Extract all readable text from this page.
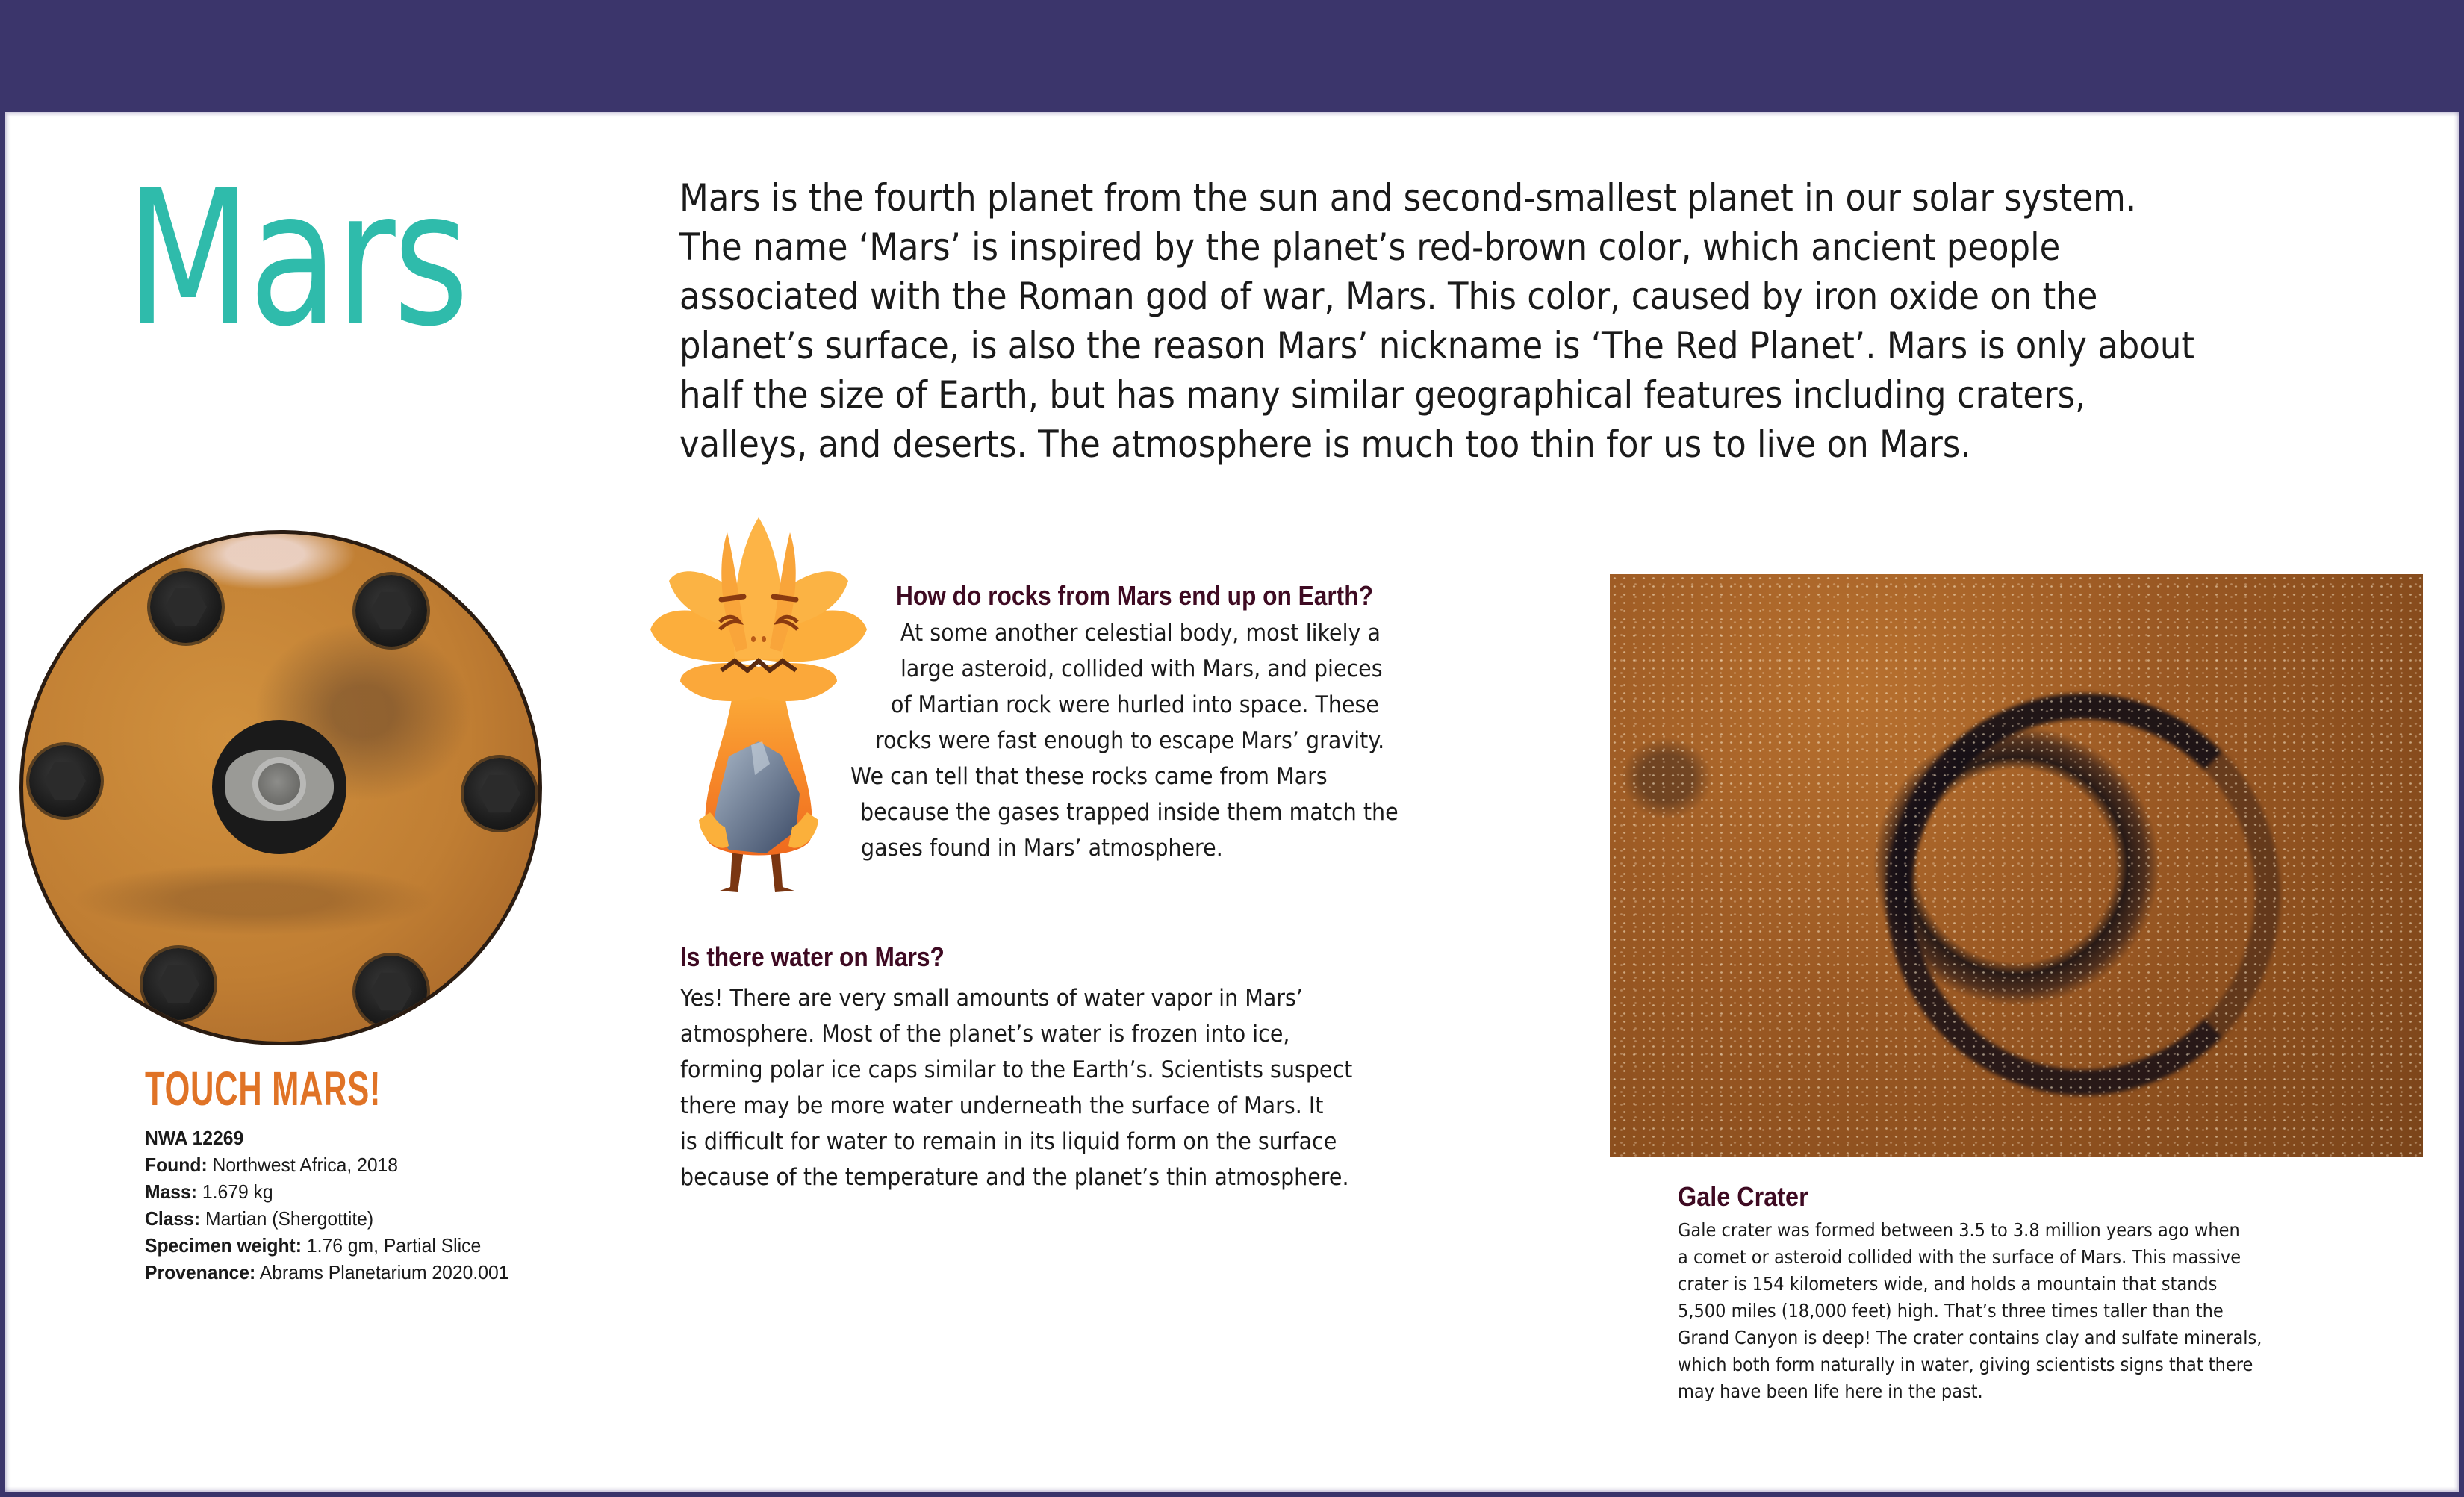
Mars	Mars is the fourth planet from the sun and second-smallest planet in our solar system.
The name ‘Mars’ is inspired by the planet’s red-brown color, which ancient people
associated with the Roman god of war, Mars. This color, caused by iron oxide on the
planet’s surface, is also the reason Mars’ nickname is ‘The Red Planet’. Mars is only about
half the size of Earth, but has many similar geographical features including craters,
valleys, and deserts. The atmosphere is much too thin for us to live on Mars.
TOUCH MARS!
NWA 12269
Found: Northwest Africa, 2018
Mass: 1.679 kg
Class: Martian (Shergottite)
Specimen weight: 1.76 gm, Partial Slice
Provenance: Abrams Planetarium 2020.001
How do rocks from Mars end up on Earth?
At some another celestial body, most likely a
large asteroid, collided with Mars, and pieces
of Martian rock were hurled into space. These
rocks were fast enough to escape Mars’ gravity.
We can tell that these rocks came from Mars
because the gases trapped inside them match the
gases found in Mars’ atmosphere.
Is there water on Mars?
Yes! There are very small amounts of water vapor in Mars’
atmosphere. Most of the planet’s water is frozen into ice,
forming polar ice caps similar to the Earth’s. Scientists suspect
there may be more water underneath the surface of Mars. It
is difficult for water to remain in its liquid form on the surface
because of the temperature and the planet’s thin atmosphere.
Gale Crater
Gale crater was formed between 3.5 to 3.8 million years ago when
a comet or asteroid collided with the surface of Mars. This massive
crater is 154 kilometers wide, and holds a mountain that stands
5,500 miles (18,000 feet) high. That’s three times taller than the
Grand Canyon is deep! The crater contains clay and sulfate minerals,
which both form naturally in water, giving scientists signs that there
may have been life here in the past.
